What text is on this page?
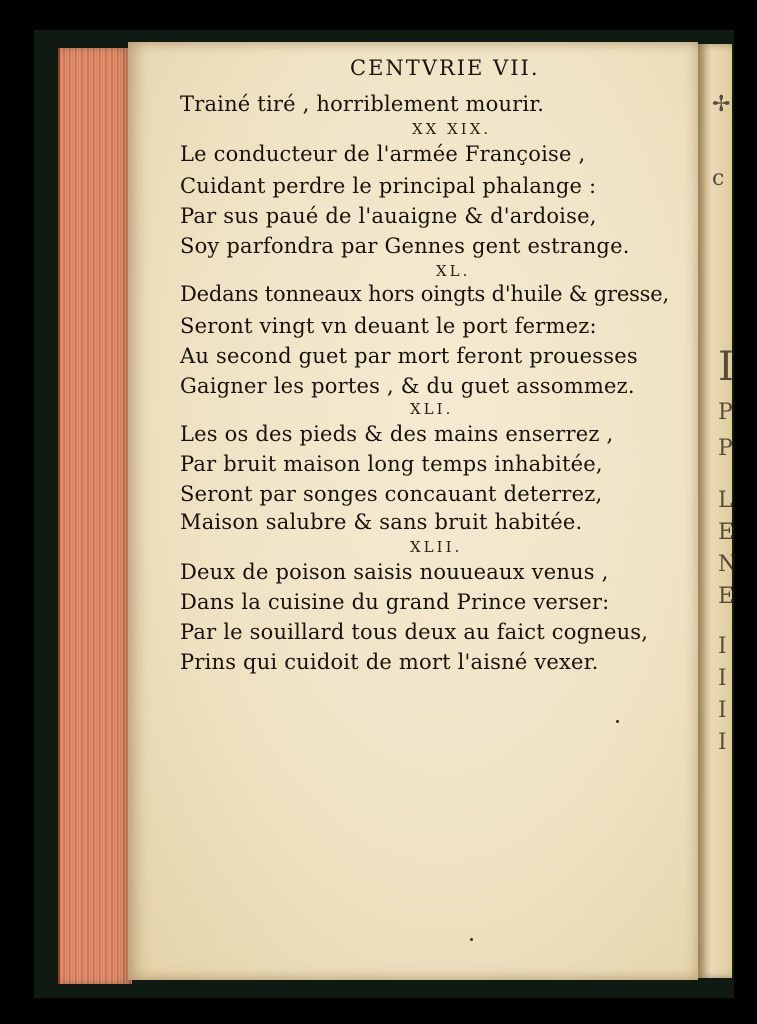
✢
c
I
P
P
L
E
N
E
I
I
I
I
CENTVRIE VII.
Trainé tiré , horriblement mourir.
XX XIX.
Le conducteur de l'armée Françoise ,
Cuidant perdre le principal phalange :
Par sus paué de l'auaigne & d'ardoise,
Soy parfondra par Gennes gent estrange.
XL.
Dedans tonneaux hors oingts d'huile & gresse,
Seront vingt vn deuant le port fermez:
Au second guet par mort feront prouesses
Gaigner les portes , & du guet assommez.
XLI.
Les os des pieds & des mains enserrez ,
Par bruit maison long temps inhabitée,
Seront par songes concauant deterrez,
Maison salubre & sans bruit habitée.
XLII.
Deux de poison saisis nouueaux venus ,
Dans la cuisine du grand Prince verser:
Par le souillard tous deux au faict cogneus,
Prins qui cuidoit de mort l'aisné vexer.
